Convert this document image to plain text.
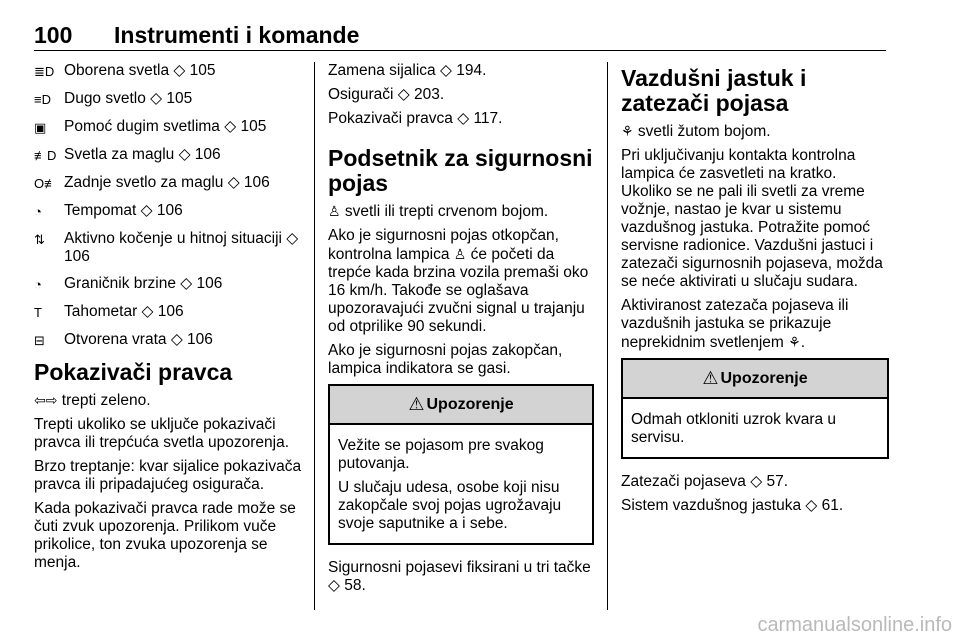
100 Instrumenti i komande
≣D Oborena svetla ◇ 105
≡D Dugo svetlo ◇ 105
▣	Pomoć dugim svetlima ◇ 105
≢D Svetla za maglu ◇ 106
O≢ Zadnje svetlo za maglu ◇ 106
◔	Tempomat ◇ 106
⇅	Aktivno kočenje u hitnoj situaciji ◇ 106
◔	Graničnik brzine ◇ 106
T	Tahometar ◇ 106
⊟	Otvorena vrata ◇ 106
Pokazivači pravca

⇦⇨ trepti zeleno.

Trepti ukoliko se uključe pokazivači pravca ili trepćuća svetla upozorenja.

Brzo treptanje: kvar sijalice pokazivača pravca ili pripadajućeg osigurača.

Kada pokazivači pravca rade može se čuti zvuk upozorenja. Prilikom vuče prikolice, ton zvuka upozorenja se menja.

Zamena sijalica ◇ 194.

Osigurači ◇ 203.

Pokazivači pravca ◇ 117.

Podsetnik za sigurnosni pojas

♙ svetli ili trepti crvenom bojom.

Ako je sigurnosni pojas otkopčan, kontrolna lampica ♙ će početi da trepće kada brzina vozila premaši oko 16 km/h. Takođe se oglašava upozoravajući zvučni signal u trajanju od otprilike 90 sekundi.

Ako je sigurnosni pojas zakopčan, lampica indikatora se gasi.

⚠ Upozorenje

Vežite se pojasom pre svakog putovanja.

U slučaju udesa, osobe koji nisu zakopčale svoj pojas ugrožavaju svoje saputnike a i sebe.

Sigurnosni pojasevi fiksirani u tri tačke ◇ 58.

Vazdušni jastuk i zatezači pojasa

⚘ svetli žutom bojom.

Pri uključivanju kontakta kontrolna lampica će zasvetleti na kratko. Ukoliko se ne pali ili svetli za vreme vožnje, nastao je kvar u sistemu vazdušnog jastuka. Potražite pomoć servisne radionice. Vazdušni jastuci i zatezači sigurnosnih pojaseva, možda se neće aktivirati u slučaju sudara.

Aktiviranost zatezača pojaseva ili vazdušnih jastuka se prikazuje neprekidnim svetlenjem ⚘.

⚠ Upozorenje

Odmah otkloniti uzrok kvara u servisu.

Zatezači pojaseva ◇ 57.

Sistem vazdušnog jastuka ◇ 61.

carmanualsonline.info
